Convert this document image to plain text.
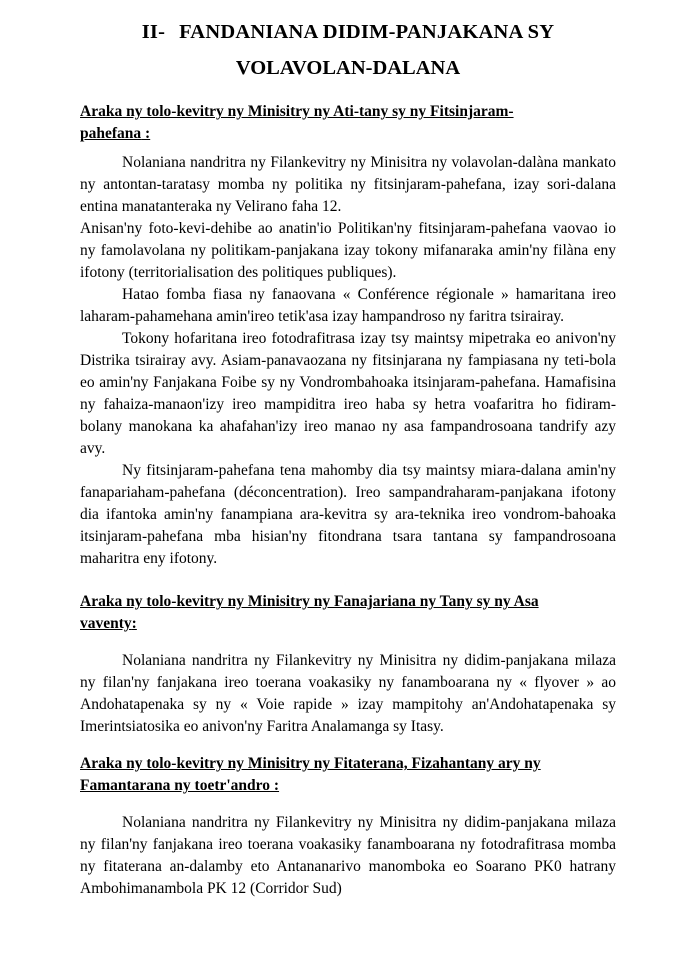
II- FANDANIANA DIDIM-PANJAKANA SY
VOLAVOLAN-DALANA
Araka ny tolo-kevitry ny Minisitry ny Ati-tany sy ny Fitsinjaram-
pahefana :

Nolaniana nandritra ny Filankevitry ny Minisitra ny volavolan-dalàna mankato ny antontan-taratasy momba ny politika ny fitsinjaram-pahefana, izay sori-dalana entina manatanteraka ny Velirano faha 12.

Anisan'ny foto-kevi-dehibe ao anatin'io Politikan'ny fitsinjaram-pahefana vaovao io ny famolavolana ny politikam-panjakana izay tokony mifanaraka amin'ny filàna eny ifotony (territorialisation des politiques publiques).

Hatao fomba fiasa ny fanaovana « Conférence régionale » hamaritana ireo laharam-pahamehana amin'ireo tetik'asa izay hampandroso ny faritra tsirairay.

Tokony hofaritana ireo fotodrafitrasa izay tsy maintsy mipetraka eo anivon'ny Distrika tsirairay avy. Asiam-panavaozana ny fitsinjarana ny fampiasana ny teti-bola eo amin'ny Fanjakana Foibe sy ny Vondrombahoaka itsinjaram-pahefana. Hamafisina ny fahaiza-manaon'izy ireo mampiditra ireo haba sy hetra voafaritra ho fidiram-bolany manokana ka ahafahan'izy ireo manao ny asa fampandrosoana tandrify azy avy.

Ny fitsinjaram-pahefana tena mahomby dia tsy maintsy miara-dalana amin'ny fanapariaham-pahefana (déconcentration). Ireo sampandraharam-panjakana ifotony dia ifantoka amin'ny fanampiana ara-kevitra sy ara-teknika ireo vondrom-bahoaka itsinjaram-pahefana mba hisian'ny fitondrana tsara tantana sy fampandrosoana maharitra eny ifotony.

Araka ny tolo-kevitry ny Minisitry ny Fanajariana ny Tany sy ny Asa
vaventy:

Nolaniana nandritra ny Filankevitry ny Minisitra ny didim-panjakana milaza ny filan'ny fanjakana ireo toerana voakasiky ny fanamboarana ny « flyover » ao Andohatapenaka sy ny « Voie rapide » izay mampitohy an'Andohatapenaka sy Imerintsiatosika eo anivon'ny Faritra Analamanga sy Itasy.

Araka ny tolo-kevitry ny Minisitry ny Fitaterana, Fizahantany ary ny
Famantarana ny toetr'andro :

Nolaniana nandritra ny Filankevitry ny Minisitra ny didim-panjakana milaza ny filan'ny fanjakana ireo toerana voakasiky fanamboarana ny fotodrafitrasa momba ny fitaterana an-dalamby eto Antananarivo manomboka eo Soarano PK0 hatrany Ambohimanambola PK 12 (Corridor Sud)
